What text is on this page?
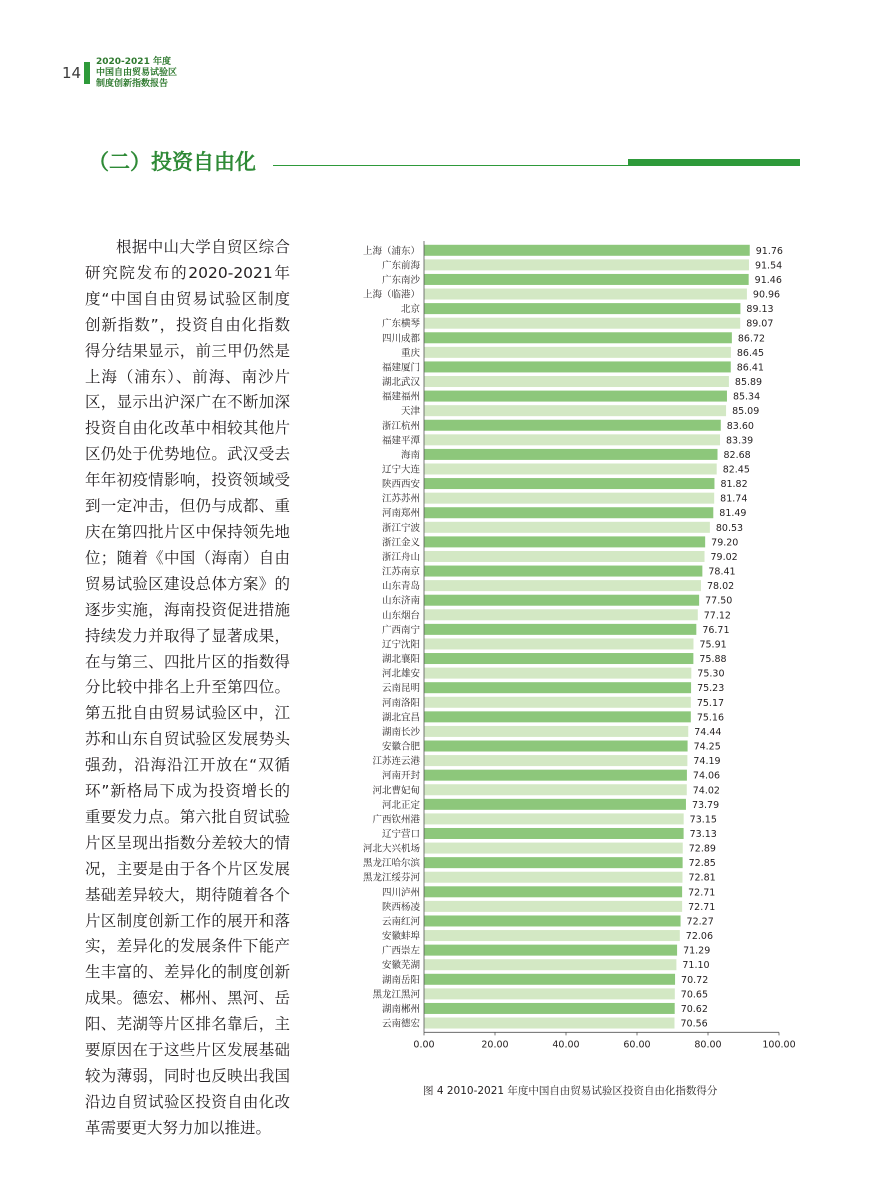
14
2020-2021 年度
中国自由贸易试验区
制度创新指数报告
（二）投资自由化

根据中山大学自贸区综合研究院发布的2020-2021年度“中国自由贸易试验区制度创新指数”，投资自由化指数得分结果显示，前三甲仍然是上海（浦东）、前海、南沙片区，显示出沪深广在不断加深投资自由化改革中相较其他片区仍处于优势地位。武汉受去年年初疫情影响，投资领域受到一定冲击，但仍与成都、重庆在第四批片区中保持领先地位；随着《中国（海南）自由贸易试验区建设总体方案》的逐步实施，海南投资促进措施持续发力并取得了显著成果，在与第三、四批片区的指数得分比较中排名上升至第四位。第五批自由贸易试验区中，江苏和山东自贸试验区发展势头强劲，沿海沿江开放在“双循环”新格局下成为投资增长的重要发力点。第六批自贸试验片区呈现出指数分差较大的情况，主要是由于各个片区发展基础差异较大，期待随着各个片区制度创新工作的展开和落实，差异化的发展条件下能产生丰富的、差异化的制度创新成果。德宏、郴州、黑河、岳阳、芜湖等片区排名靠后，主要原因在于这些片区发展基础较为薄弱，同时也反映出我国沿边自贸试验区投资自由化改革需要更大努力加以推进。

上海（浦东）	91.76
广东前海	91.54
广东南沙	91.46
上海（临港）	90.96
北京	89.13
广东横琴	89.07
四川成都	86.72
重庆	86.45
福建厦门	86.41
湖北武汉	85.89
福建福州	85.34
天津	85.09
浙江杭州	83.60
福建平潭	83.39
海南	82.68
辽宁大连	82.45
陕西西安	81.82
江苏苏州	81.74
河南郑州	81.49
浙江宁波	80.53
浙江金义	79.20
浙江舟山	79.02
江苏南京	78.41
山东青岛	78.02
山东济南	77.50
山东烟台	77.12
广西南宁	76.71
辽宁沈阳	75.91
湖北襄阳	75.88
河北雄安	75.30
云南昆明	75.23
河南洛阳	75.17
湖北宜昌	75.16
湖南长沙	74.44
安徽合肥	74.25
江苏连云港	74.19
河南开封	74.06
河北曹妃甸	74.02
河北正定	73.79
广西钦州港	73.15
辽宁营口	73.13
河北大兴机场	72.89
黑龙江哈尔滨	72.85
黑龙江绥芬河	72.81
四川泸州	72.71
陕西杨凌	72.71
云南红河	72.27
安徽蚌埠	72.06
广西崇左	71.29
安徽芜湖	71.10
湖南岳阳	70.72
黑龙江黑河	70.65
湖南郴州	70.62
云南德宏	70.56
0.00	20.00	40.00	60.00	80.00	100.00
图 4 2010-2021 年度中国自由贸易试验区投资自由化指数得分
